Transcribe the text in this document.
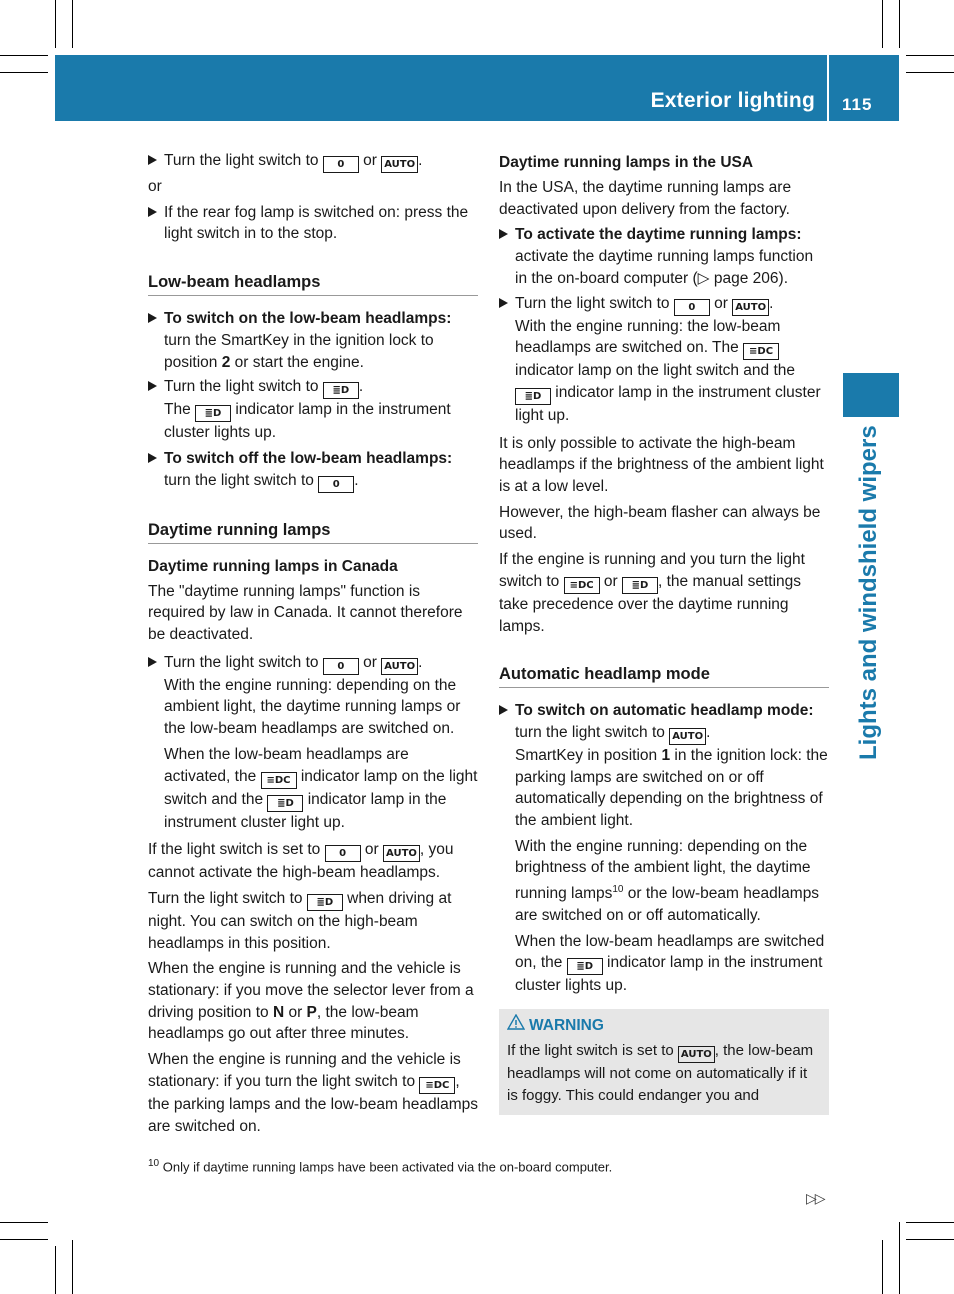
Exterior lighting 115
Lights and windshield wipers
Turn the light switch to 0 or AUTO .

or

If the rear fog lamp is switched on: press the light switch in to the stop.
Low-beam headlamps
To switch on the low-beam headlamps: turn the SmartKey in the ignition lock to position 2 or start the engine.
Turn the light switch to ≣D .

The ≣D indicator lamp in the instrument cluster lights up.

To switch off the low-beam headlamps: turn the light switch to 0 .
Daytime running lamps
Daytime running lamps in Canada

The "daytime running lamps" function is required by law in Canada. It cannot therefore be deactivated.

Turn the light switch to 0 or AUTO .

With the engine running: depending on the ambient light, the daytime running lamps or the low-beam headlamps are switched on.

When the low-beam headlamps are activated, the ≡DC indicator lamp on the light switch and the ≣D indicator lamp in the instrument cluster light up.

If the light switch is set to 0 or AUTO , you cannot activate the high-beam headlamps.

Turn the light switch to ≣D when driving at night. You can switch on the high-beam headlamps in this position.

When the engine is running and the vehicle is stationary: if you move the selector lever from a driving position to N or P, the low-beam headlamps go out after three minutes.

When the engine is running and the vehicle is stationary: if you turn the light switch to ≡DC , the parking lamps and the low-beam headlamps are switched on.

Daytime running lamps in the USA

In the USA, the daytime running lamps are deactivated upon delivery from the factory.

To activate the daytime running lamps: activate the daytime running lamps function in the on-board computer (▷ page 206).
Turn the light switch to 0 or AUTO .

With the engine running: the low-beam headlamps are switched on. The ≡DC indicator lamp on the light switch and the ≣D indicator lamp in the instrument cluster light up.

It is only possible to activate the high-beam headlamps if the brightness of the ambient light is at a low level.

However, the high-beam flasher can always be used.

If the engine is running and you turn the light switch to ≡DC or ≣D , the manual settings take precedence over the daytime running lamps.

Automatic headlamp mode
To switch on automatic headlamp mode: turn the light switch to AUTO .

SmartKey in position 1 in the ignition lock: the parking lamps are switched on or off automatically depending on the brightness of the ambient light.

With the engine running: depending on the brightness of the ambient light, the daytime running lamps$^{10}$ or the low-beam headlamps are switched on or off automatically.

When the low-beam headlamps are switched on, the ≣D indicator lamp in the instrument cluster lights up.

WARNING

If the light switch is set to AUTO , the low-beam headlamps will not come on automatically if it is foggy. This could endanger you and

$^{10}$ Only if daytime running lamps have been activated via the on-board computer.
▷▷
